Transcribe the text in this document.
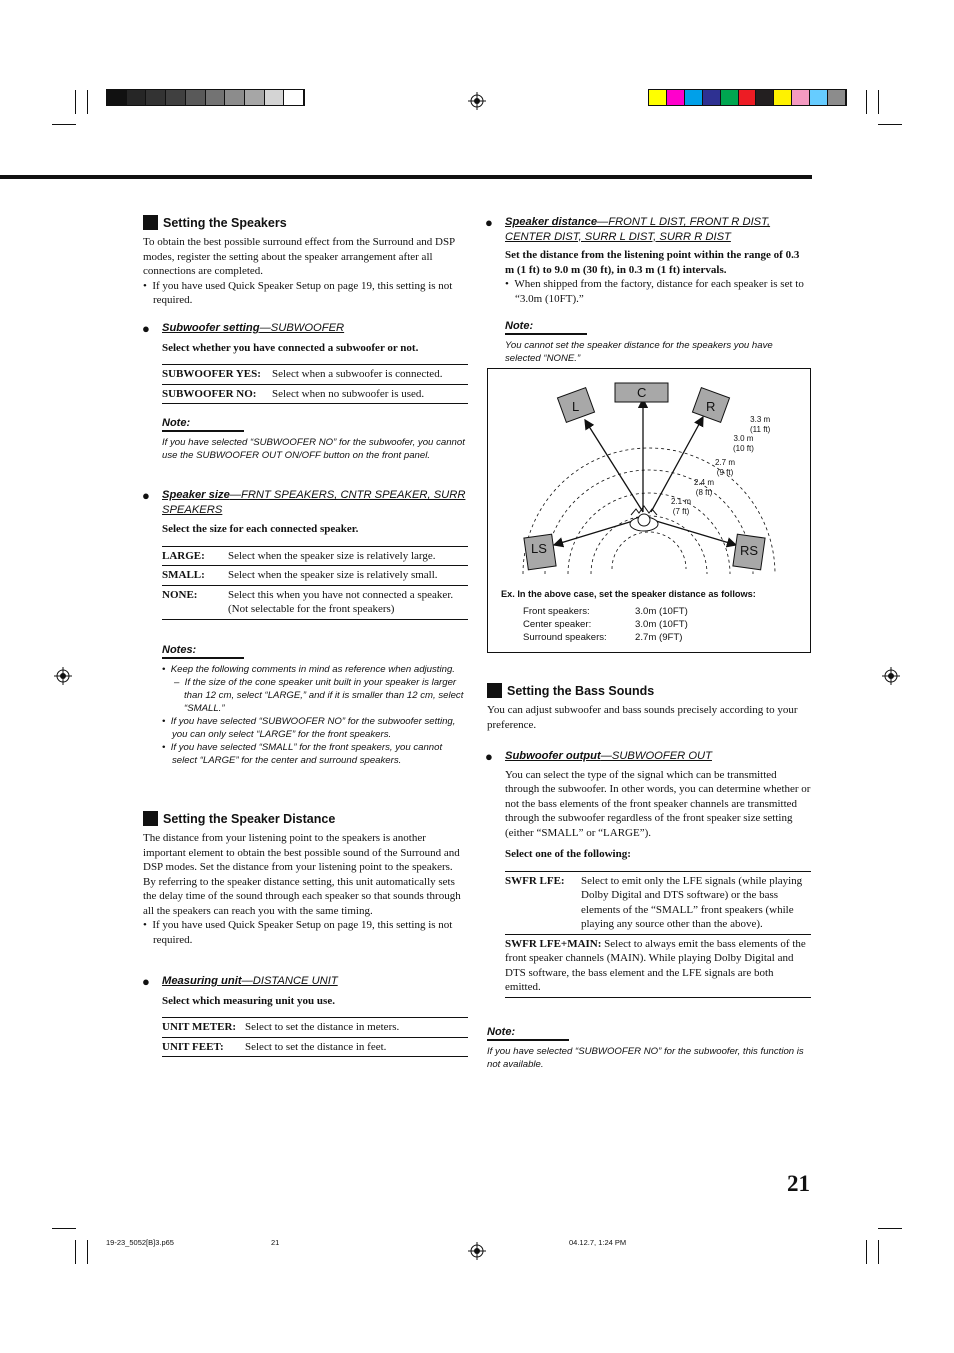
Setting the Speakers
To obtain the best possible surround effect from the Surround and DSP modes, register the setting about the speaker arrangement after all connections are completed.
•  If you have used Quick Speaker Setup on page 19, this setting is not required.
● Subwoofer setting—SUBWOOFER
Select whether you have connected a subwoofer or not.
SUBWOOFER YES:	Select when a subwoofer is connected.
SUBWOOFER NO:	Select when no subwoofer is used.
Note:
If you have selected “SUBWOOFER NO” for the subwoofer, you cannot use the SUBWOOFER OUT ON/OFF button on the front panel.
● Speaker size—FRNT SPEAKERS, CNTR SPEAKER, SURR SPEAKERS
Select the size for each connected speaker.
LARGE:	Select when the speaker size is relatively large.
SMALL:	Select when the speaker size is relatively small.
NONE:	Select this when you have not connected a speaker. (Not selectable for the front speakers)
Notes:
•  Keep the following comments in mind as reference when adjusting.
–  If the size of the cone speaker unit built in your speaker is larger than 12 cm, select “LARGE,” and if it is smaller than 12 cm, select “SMALL.”
•  If you have selected “SUBWOOFER NO” for the subwoofer setting, you can only select “LARGE” for the front speakers.
•  If you have selected “SMALL” for the front speakers, you cannot select “LARGE” for the center and surround speakers.
Setting the Speaker Distance
The distance from your listening point to the speakers is another important element to obtain the best possible sound of the Surround and DSP modes. Set the distance from your listening point to the speakers.
By referring to the speaker distance setting, this unit automatically sets the delay time of the sound through each speaker so that sounds through all the speakers can reach you with the same timing.
•  If you have used Quick Speaker Setup on page 19, this setting is not required.
● Measuring unit—DISTANCE UNIT
Select which measuring unit you use.
UNIT METER:	Select to set the distance in meters.
UNIT FEET:	Select to set the distance in feet.
● Speaker distance—FRONT L DIST, FRONT R DIST, CENTER DIST, SURR L DIST, SURR R DIST
Set the distance from the listening point within the range of 0.3 m (1 ft) to 9.0 m (30 ft), in 0.3 m (1 ft) intervals.
•  When shipped from the factory, distance for each speaker is set to “3.0m (10FT).”
Note:
You cannot set the speaker distance for the speakers you have selected “NONE.”
L
C
R
LS	RS
3.3 m
(11 ft)
3.0 m
(10 ft)
2.7 m
(9 ft)
2.4 m
(8 ft)
2.1 m
(7 ft)
Ex. In the above case, set the speaker distance as follows:
Front speakers:	3.0m (10FT)
Center speaker:	3.0m (10FT)
Surround speakers:	2.7m (9FT)
Setting the Bass Sounds
You can adjust subwoofer and bass sounds precisely according to your preference.
● Subwoofer output—SUBWOOFER OUT
You can select the type of the signal which can be transmitted through the subwoofer. In other words, you can determine whether or not the bass elements of the front speaker channels are transmitted through the subwoofer regardless of the front speaker size setting (either “SMALL” or “LARGE”).
Select one of the following:
SWFR LFE:	Select to emit only the LFE signals (while playing Dolby Digital and DTS software) or the bass elements of the “SMALL” front speakers (while playing any source other than the above).
SWFR LFE+MAIN: Select to always emit the bass elements of the front speaker channels (MAIN). While playing Dolby Digital and DTS software, the bass element and the LFE signals are both emitted.
Note:
If you have selected “SUBWOOFER NO” for the subwoofer, this function is not available.
21
19-23_5052[B]3.p65	21	04.12.7, 1:24 PM
